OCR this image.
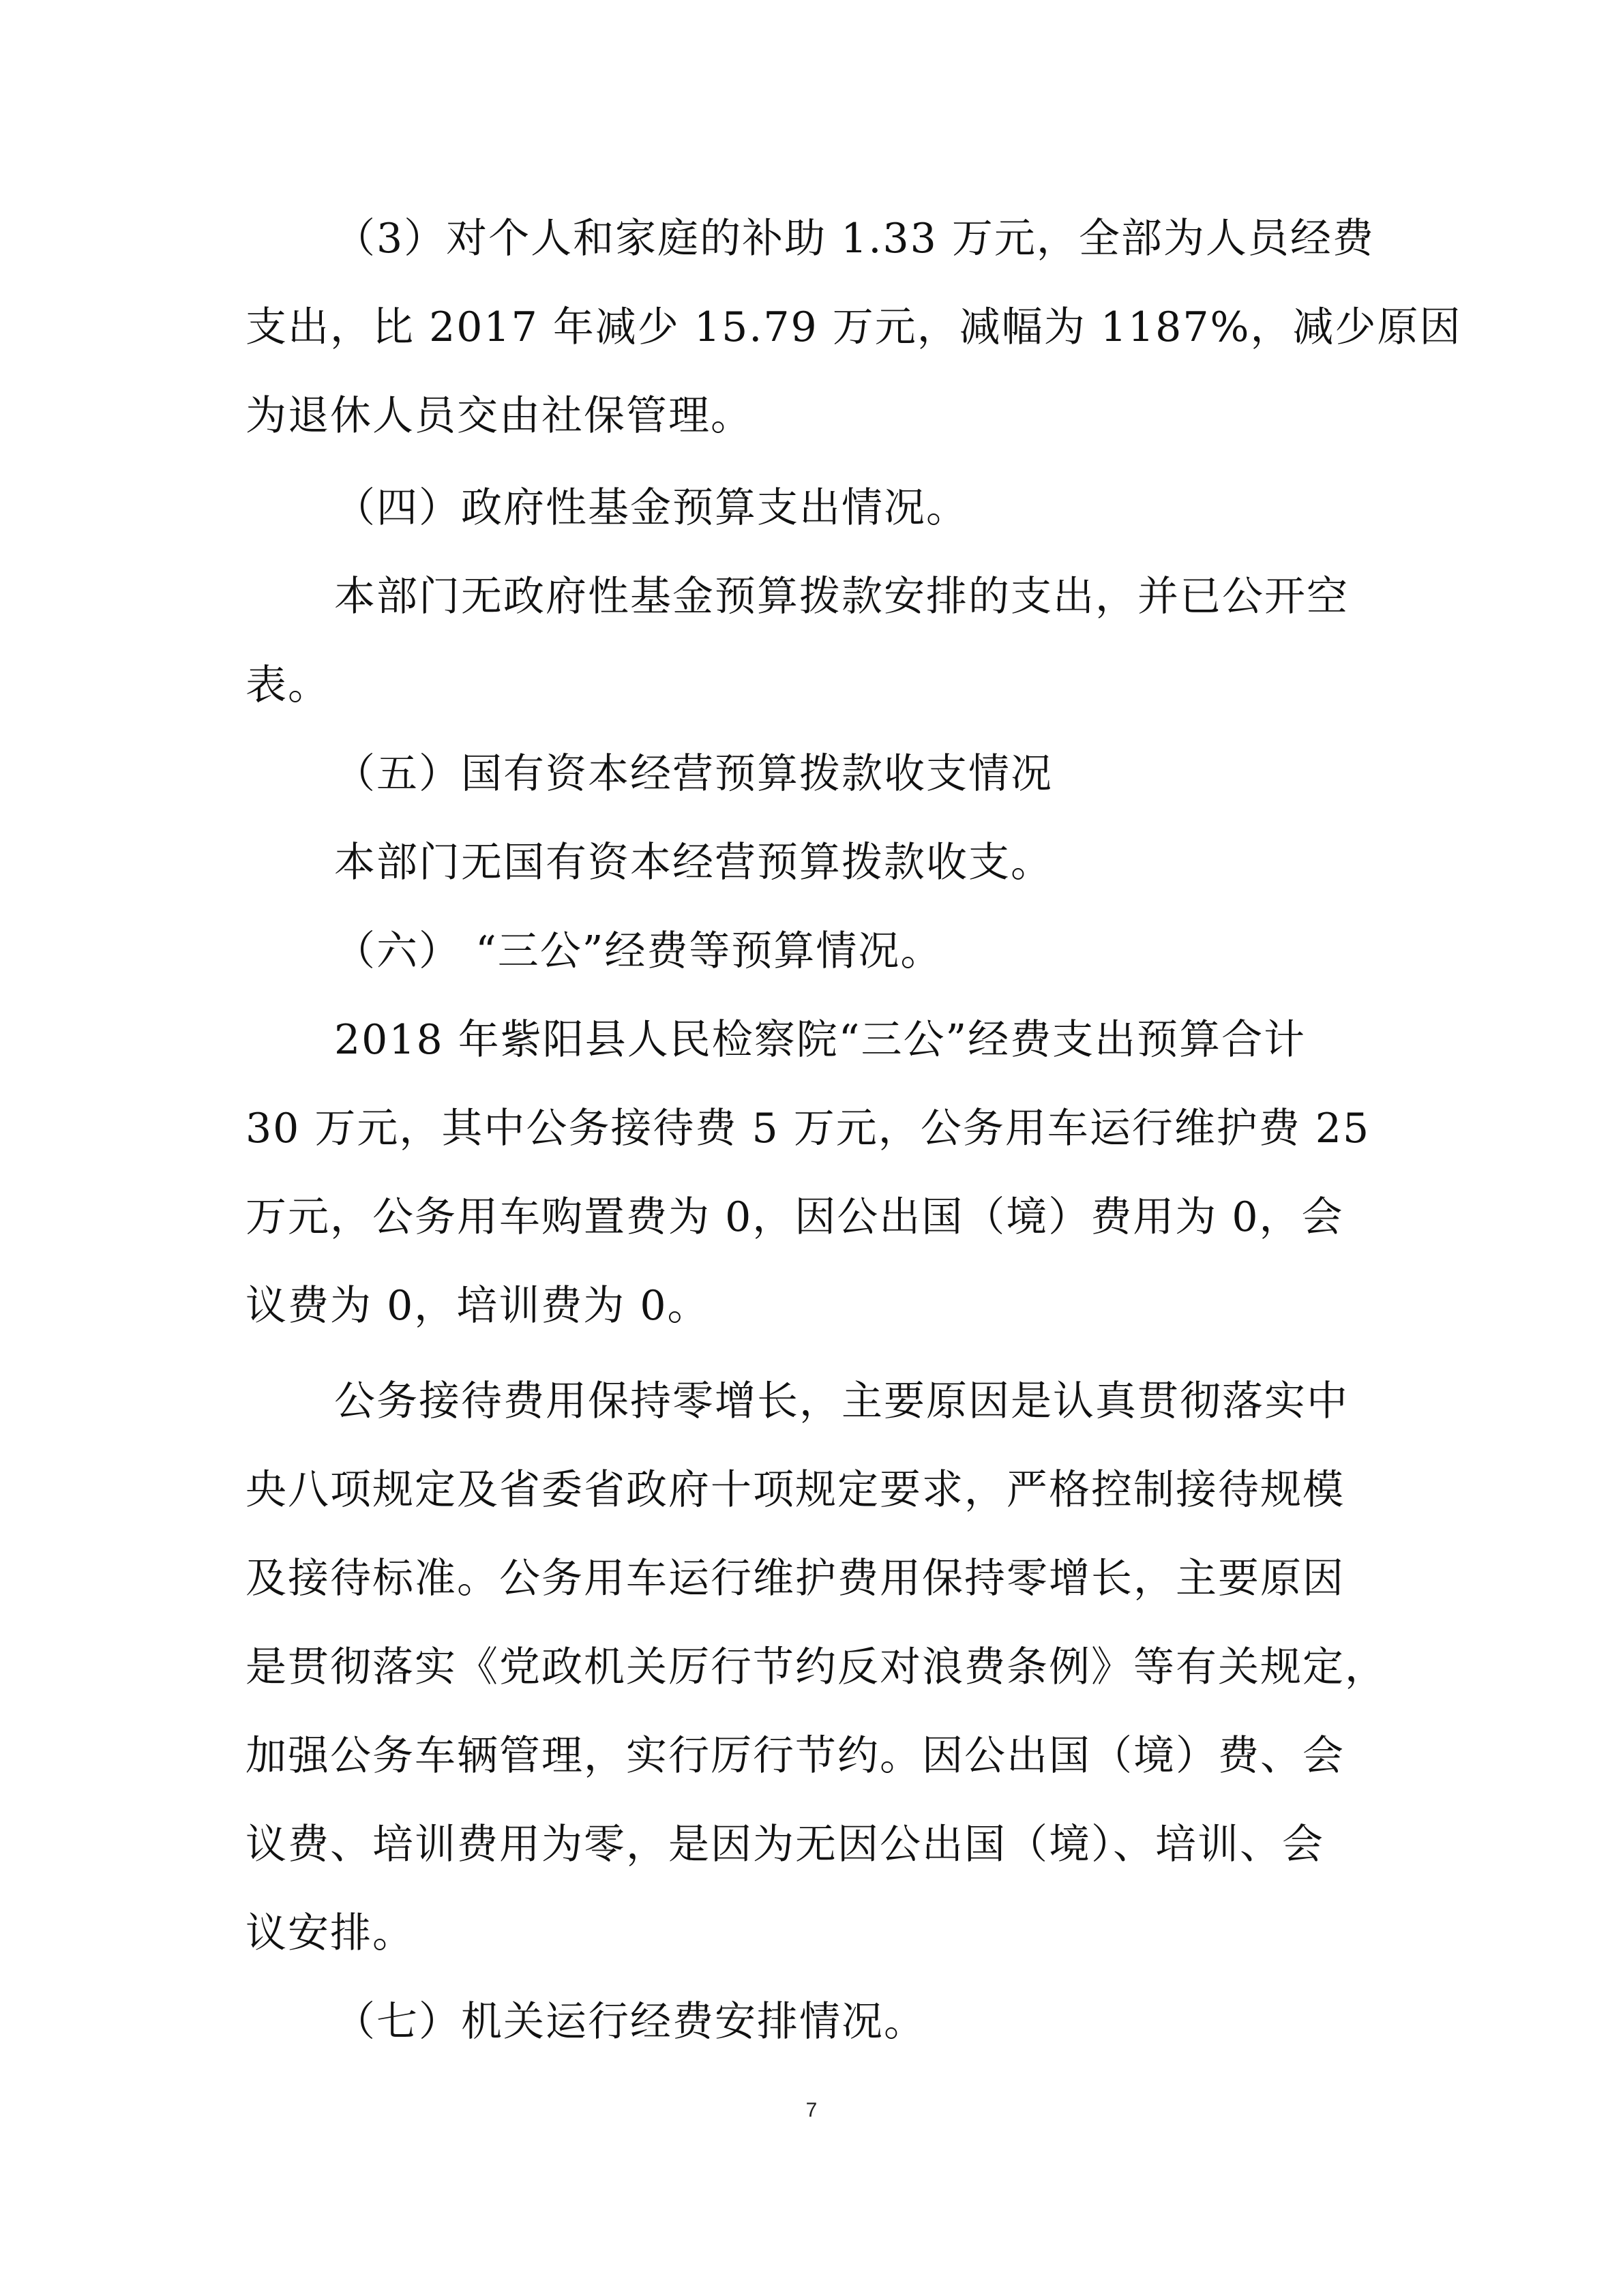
（3）对个人和家庭的补助 1.33 万元，全部为人员经费

支出，比 2017 年减少 15.79 万元，减幅为 1187%，减少原因

为退休人员交由社保管理。

（四）政府性基金预算支出情况。

本部门无政府性基金预算拨款安排的支出，并已公开空

表。

（五）国有资本经营预算拨款收支情况

本部门无国有资本经营预算拨款收支。

（六） “三公”经费等预算情况。

2018 年紫阳县人民检察院“三公”经费支出预算合计

30 万元，其中公务接待费 5 万元，公务用车运行维护费 25

万元，公务用车购置费为 0，因公出国（境）费用为 0，会

议费为 0，培训费为 0。

公务接待费用保持零增长，主要原因是认真贯彻落实中

央八项规定及省委省政府十项规定要求，严格控制接待规模

及接待标准。公务用车运行维护费用保持零增长，主要原因

是贯彻落实《党政机关厉行节约反对浪费条例》等有关规定，

加强公务车辆管理，实行厉行节约。因公出国（境）费、会

议费、培训费用为零，是因为无因公出国（境）、培训、会

议安排。

（七）机关运行经费安排情况。

7
